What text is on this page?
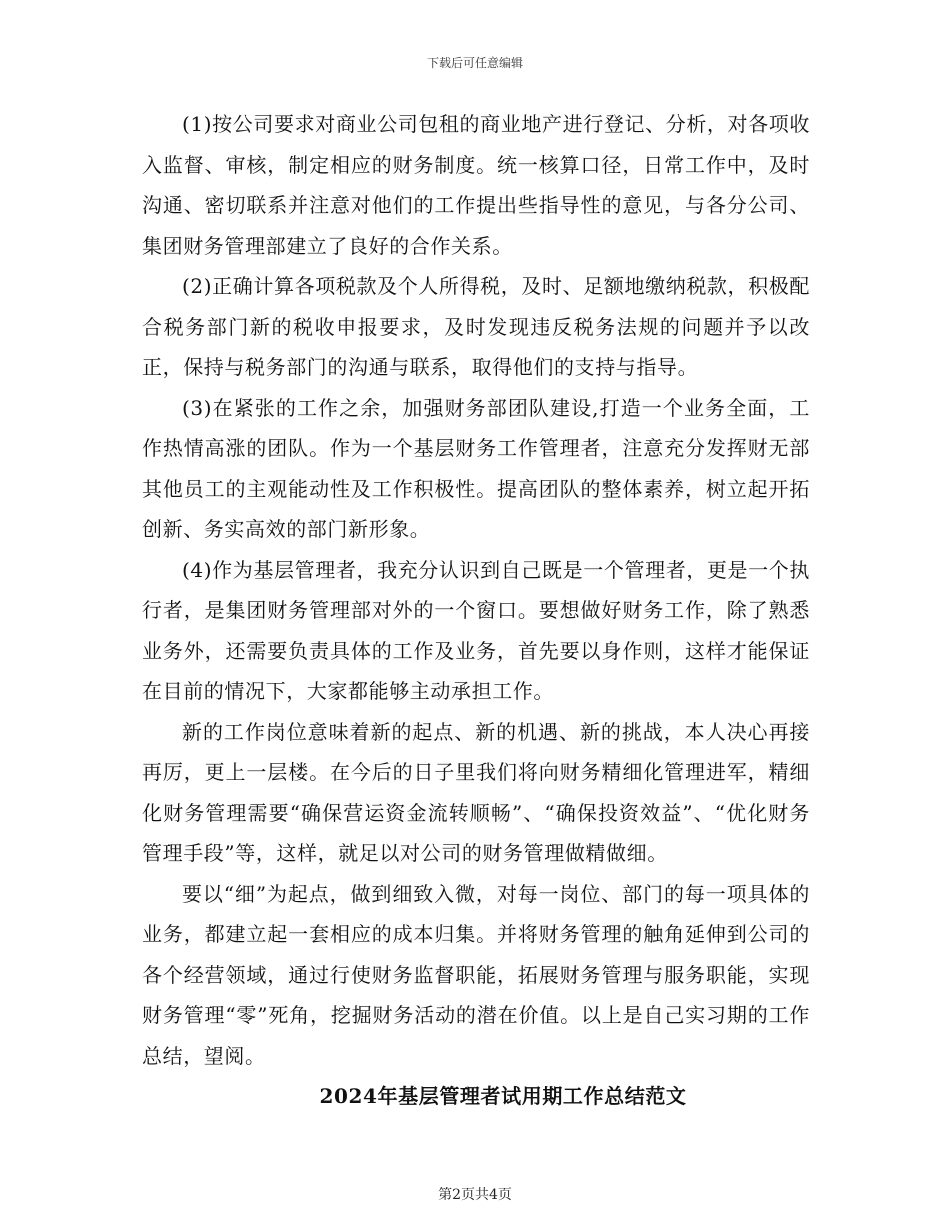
下载后可任意编辑

(1)按公司要求对商业公司包租的商业地产进行登记、分析，对各项收入监督、审核，制定相应的财务制度。统一核算口径，日常工作中，及时沟通、密切联系并注意对他们的工作提出些指导性的意见，与各分公司、集团财务管理部建立了良好的合作关系。

(2)正确计算各项税款及个人所得税，及时、足额地缴纳税款，积极配合税务部门新的税收申报要求，及时发现违反税务法规的问题并予以改正，保持与税务部门的沟通与联系，取得他们的支持与指导。

(3)在紧张的工作之余，加强财务部团队建设,打造一个业务全面，工作热情高涨的团队。作为一个基层财务工作管理者，注意充分发挥财无部其他员工的主观能动性及工作积极性。提高团队的整体素养，树立起开拓创新、务实高效的部门新形象。

(4)作为基层管理者，我充分认识到自己既是一个管理者，更是一个执行者，是集团财务管理部对外的一个窗口。要想做好财务工作，除了熟悉业务外，还需要负责具体的工作及业务，首先要以身作则，这样才能保证在目前的情况下，大家都能够主动承担工作。

新的工作岗位意味着新的起点、新的机遇、新的挑战，本人决心再接再厉，更上一层楼。在今后的日子里我们将向财务精细化管理进军，精细化财务管理需要“确保营运资金流转顺畅”、“确保投资效益”、“优化财务管理手段”等，这样，就足以对公司的财务管理做精做细。

要以“细”为起点，做到细致入微，对每一岗位、部门的每一项具体的业务，都建立起一套相应的成本归集。并将财务管理的触角延伸到公司的各个经营领域，通过行使财务监督职能，拓展财务管理与服务职能，实现财务管理“零”死角，挖掘财务活动的潜在价值。以上是自己实习期的工作总结，望阅。

2024年基层管理者试用期工作总结范文

第2页共4页
